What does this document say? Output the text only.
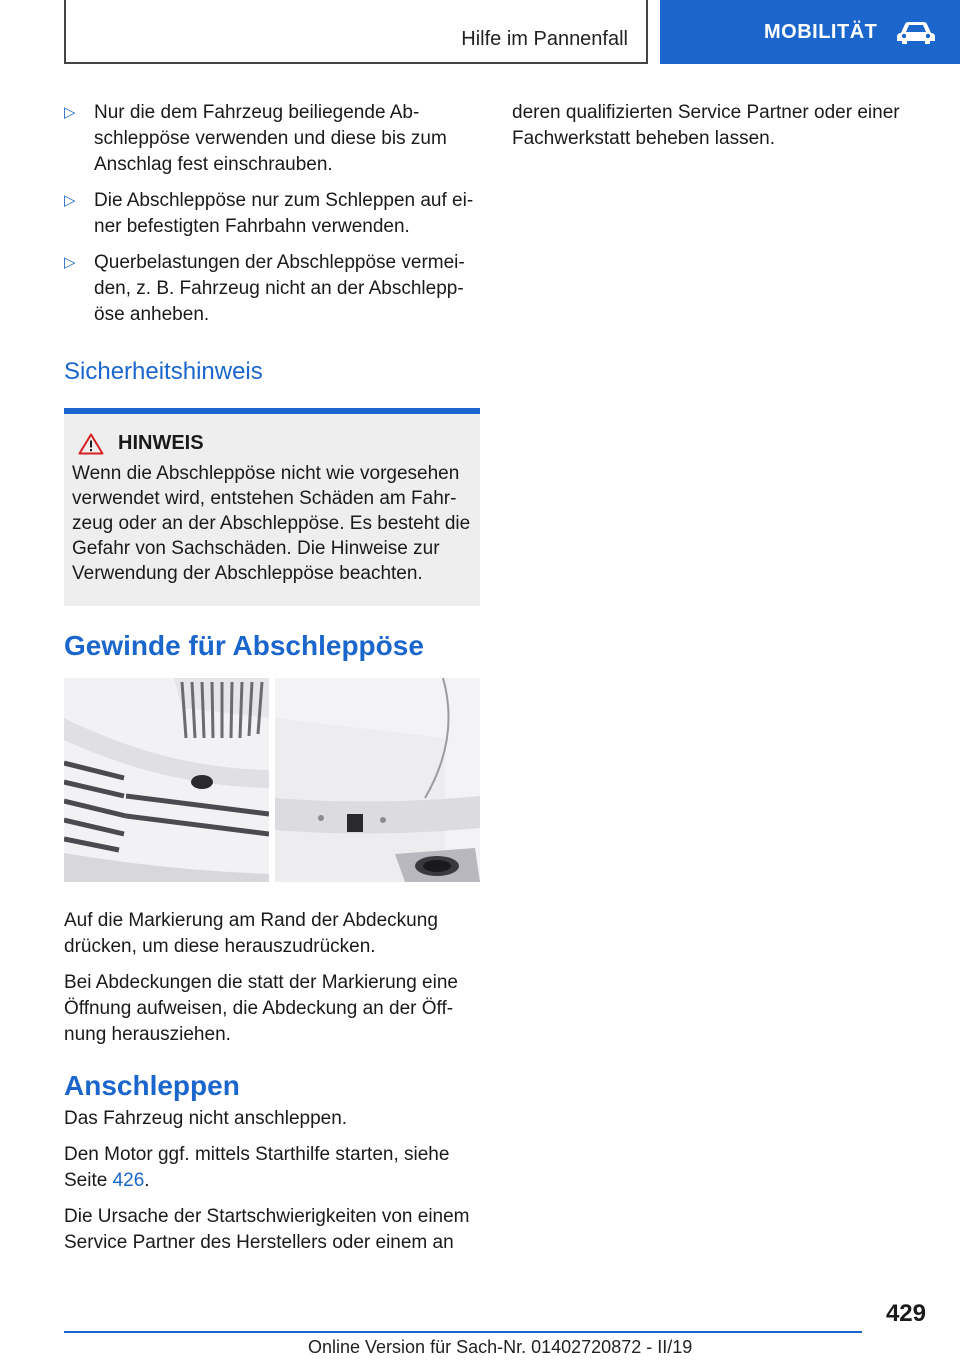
Hilfe im Pannenfall	MOBILITÄT
▷ Nur die dem Fahrzeug beiliegende Abschleppöse verwenden und diese bis zum Anschlag fest einschrauben.
▷ Die Abschleppöse nur zum Schleppen auf einer befestigten Fahrbahn verwenden.
▷ Querbelastungen der Abschleppöse vermeiden, z. B. Fahrzeug nicht an der Abschleppöse anheben.
Sicherheitshinweis
HINWEIS
Wenn die Abschleppöse nicht wie vorgesehen verwendet wird, entstehen Schäden am Fahrzeug oder an der Abschleppöse. Es besteht die Gefahr von Sachschäden. Die Hinweise zur Verwendung der Abschleppöse beachten.
Gewinde für Abschleppöse

Auf die Markierung am Rand der Abdeckung drücken, um diese herauszudrücken.

Bei Abdeckungen die statt der Markierung eine Öffnung aufweisen, die Abdeckung an der Öffnung herausziehen.

Anschleppen

Das Fahrzeug nicht anschleppen.

Den Motor ggf. mittels Starthilfe starten, siehe Seite 426.

Die Ursache der Startschwierigkeiten von einem Service Partner des Herstellers oder einem an

deren qualifizierten Service Partner oder einer Fachwerkstatt beheben lassen.

429
Online Version für Sach-Nr. 01402720872 - II/19
